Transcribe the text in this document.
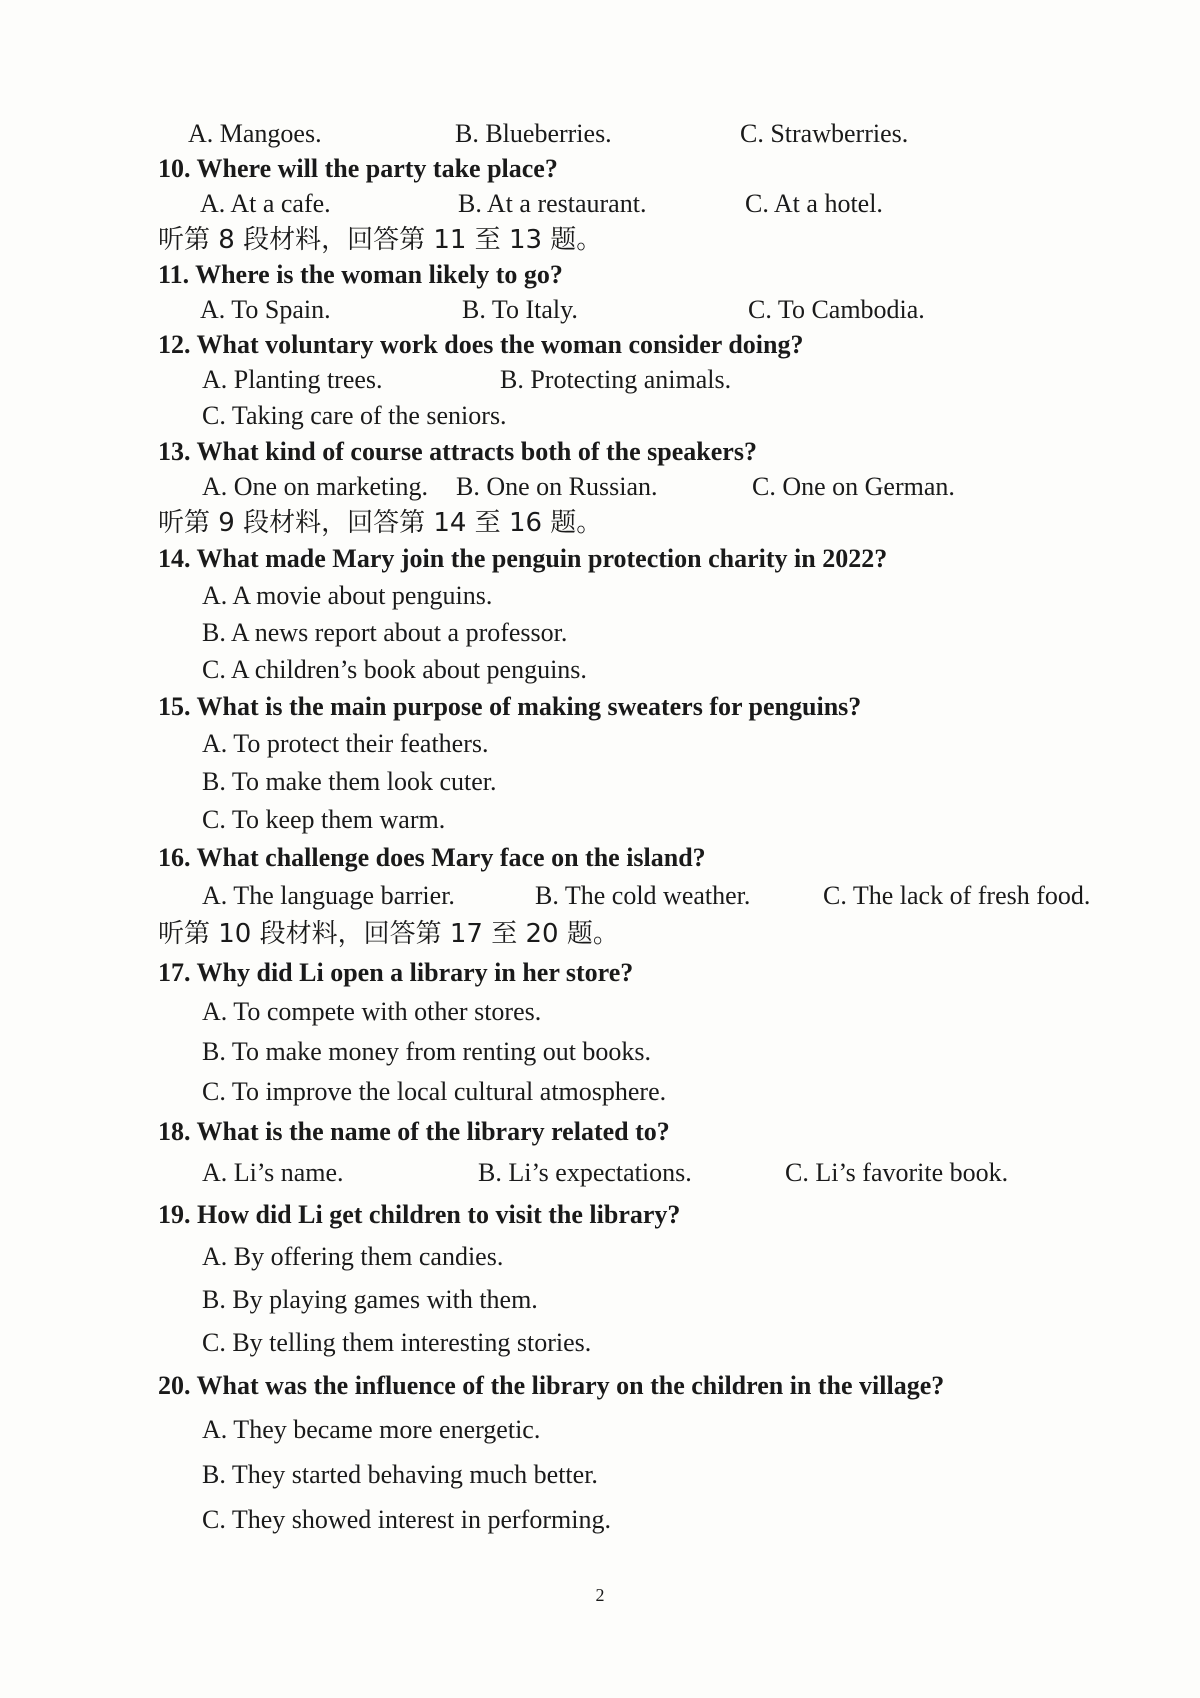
A. Mangoes.	B. Blueberries.	C. Strawberries.
10. Where will the party take place?
A. At a cafe.	B. At a restaurant.	C. At a hotel.
听第 8 段材料，回答第 11 至 13 题。
11. Where is the woman likely to go?
A. To Spain.	B. To Italy.	C. To Cambodia.
12. What voluntary work does the woman consider doing?
A. Planting trees.	B. Protecting animals.
C. Taking care of the seniors.
13. What kind of course attracts both of the speakers?
A. One on marketing. B. One on Russian.	C. One on German.
听第 9 段材料，回答第 14 至 16 题。
14. What made Mary join the penguin protection charity in 2022?
A. A movie about penguins.
B. A news report about a professor.
C. A children’s book about penguins.
15. What is the main purpose of making sweaters for penguins?
A. To protect their feathers.
B. To make them look cuter.
C. To keep them warm.
16. What challenge does Mary face on the island?
A. The language barrier.	B. The cold weather.	C. The lack of fresh food.
听第 10 段材料，回答第 17 至 20 题。
17. Why did Li open a library in her store?
A. To compete with other stores.
B. To make money from renting out books.
C. To improve the local cultural atmosphere.
18. What is the name of the library related to?
A. Li’s name.	B. Li’s expectations.	C. Li’s favorite book.
19. How did Li get children to visit the library?
A. By offering them candies.
B. By playing games with them.
C. By telling them interesting stories.
20. What was the influence of the library on the children in the village?
A. They became more energetic.
B. They started behaving much better.
C. They showed interest in performing.
2
